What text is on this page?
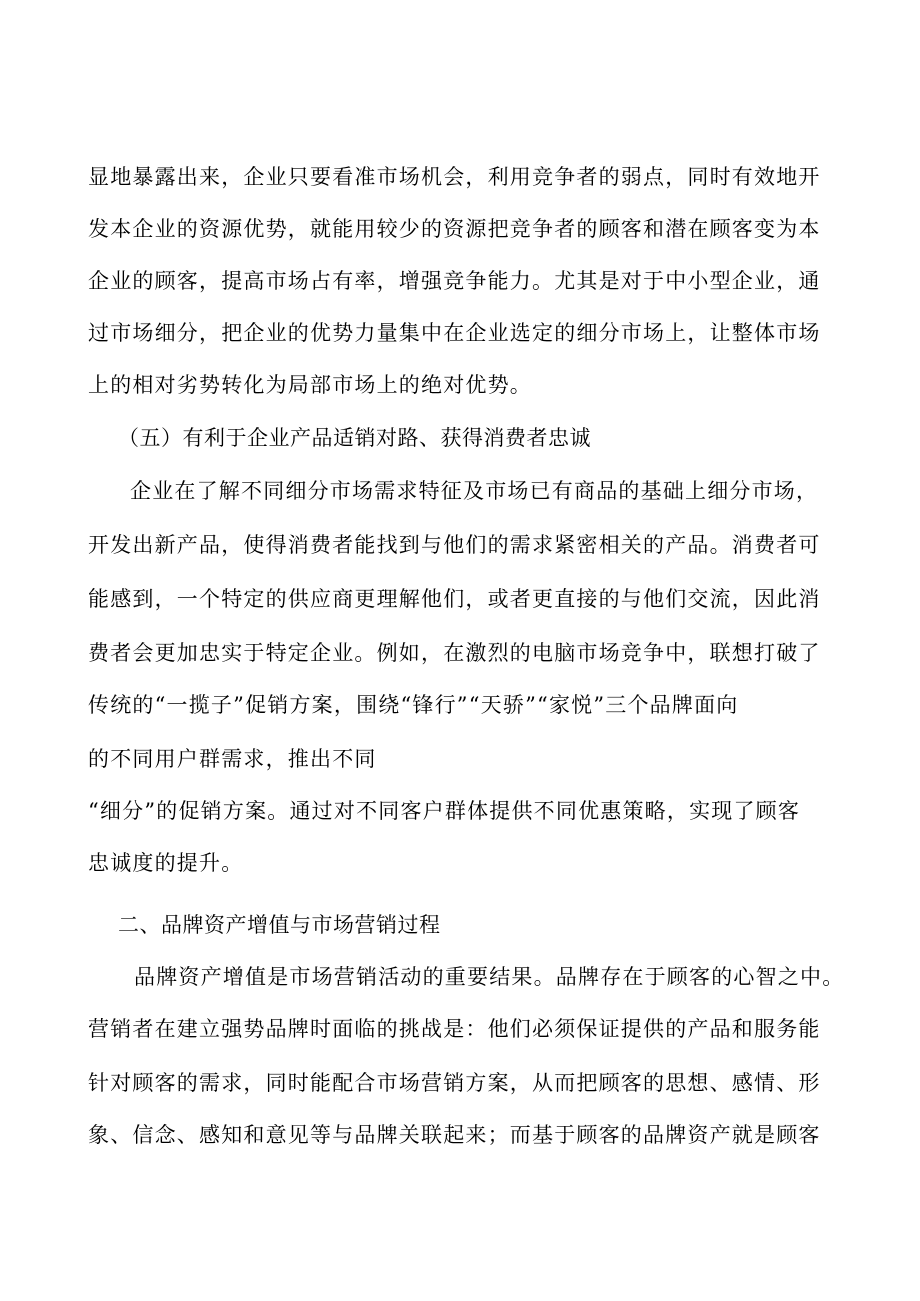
显地暴露出来，企业只要看准市场机会，利用竞争者的弱点，同时有效地开
发本企业的资源优势，就能用较少的资源把竞争者的顾客和潜在顾客变为本
企业的顾客，提高市场占有率，增强竞争能力。尤其是对于中小型企业，通
过市场细分，把企业的优势力量集中在企业选定的细分市场上，让整体市场
上的相对劣势转化为局部市场上的绝对优势。
（五）有利于企业产品适销对路、获得消费者忠诚
企业在了解不同细分市场需求特征及市场已有商品的基础上细分市场，
开发出新产品，使得消费者能找到与他们的需求紧密相关的产品。消费者可
能感到，一个特定的供应商更理解他们，或者更直接的与他们交流，因此消
费者会更加忠实于特定企业。例如，在激烈的电脑市场竞争中，联想打破了
传统的“一揽子”促销方案，围绕“锋行”“天骄”“家悦”三个品牌面向
的不同用户群需求，推出不同
“细分”的促销方案。通过对不同客户群体提供不同优惠策略，实现了顾客
忠诚度的提升。
二、品牌资产增值与市场营销过程
品牌资产增值是市场营销活动的重要结果。品牌存在于顾客的心智之中。
营销者在建立强势品牌时面临的挑战是：他们必须保证提供的产品和服务能
针对顾客的需求，同时能配合市场营销方案，从而把顾客的思想、感情、形
象、信念、感知和意见等与品牌关联起来；而基于顾客的品牌资产就是顾客
